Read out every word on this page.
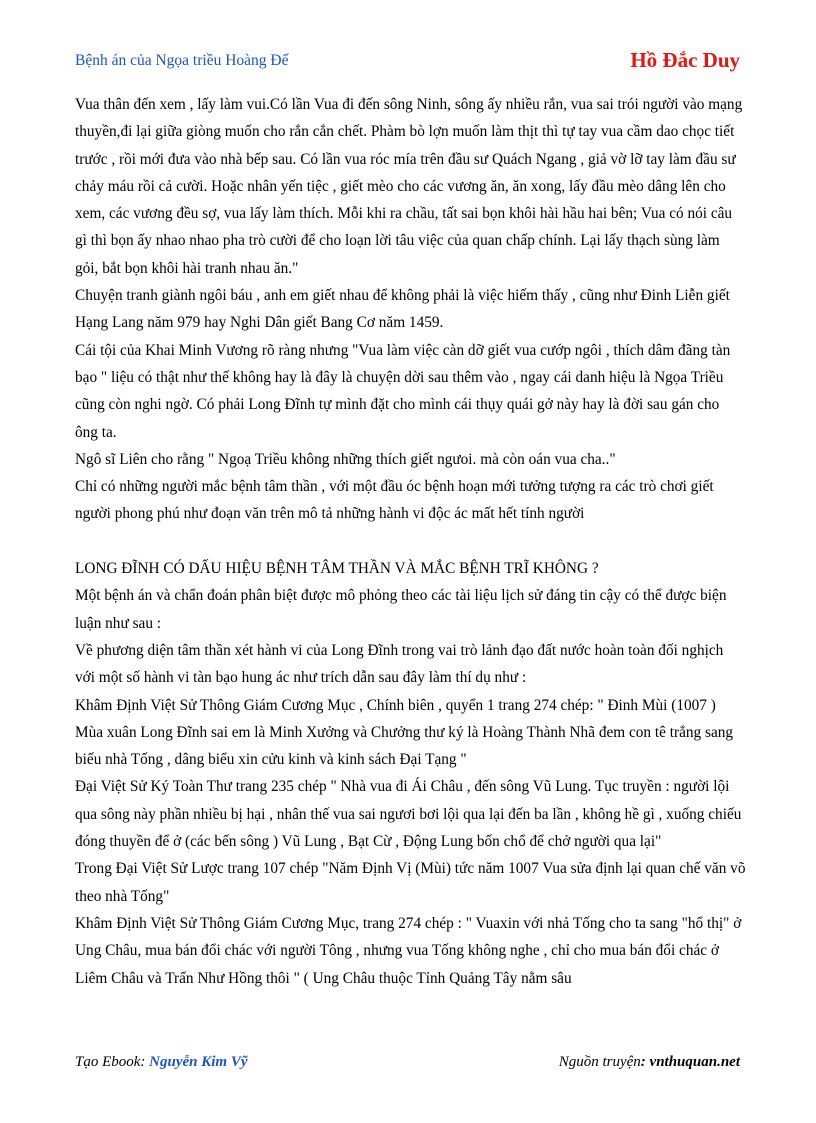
Bệnh án của Ngọa triều Hoàng Đế	Hồ Đắc Duy

Vua thân đến xem , lấy làm vui.Có lần Vua đi đến sông Ninh, sông ấy nhiều rắn, vua sai trói người vào mạng thuyền,đi lại giữa giòng muốn cho rắn cắn chết. Phàm bò lợn muốn làm thịt thì tự tay vua cầm dao chọc tiết trước , rồi mới đưa vào nhà bếp sau. Có lần vua róc mía trên đầu sư Quách Ngang , giả vờ lỡ tay làm đầu sư chảy máu rồi cả cười. Hoặc nhân yến tiệc , giết mèo cho các vương ăn, ăn xong, lấy đầu mèo dâng lên cho xem, các vương đều sợ, vua lấy làm thích. Mỗi khi ra chầu, tất sai bọn khôi hài hầu hai bên; Vua có nói câu gì thì bọn ấy nhao nhao pha trò cười để cho loạn lời tâu việc của quan chấp chính. Lại lấy thạch sùng làm gỏi, bắt bọn khôi hài tranh nhau ăn."

Chuyện tranh giành ngôi báu , anh em giết nhau để không phải là việc hiếm thấy , cũng như Đinh Liễn giết Hạng Lang năm 979 hay Nghi Dân giết Bang Cơ năm 1459.

Cái tội của Khai Minh Vương rõ ràng nhưng "Vua làm việc càn dỡ giết vua cướp ngôi , thích dâm đãng tàn bạo " liệu có thật như thế không hay là đây là chuyện dời sau thêm vào , ngay cái danh hiệu là Ngọa Triều cũng còn nghi ngờ. Có phải Long Đĩnh tự mình đặt cho mình cái thụy quái gở này hay là đời sau gán cho ông ta.

Ngô sĩ Liên cho rằng " Ngoạ Triều không những thích giết ngưoi. mà còn oán vua cha.."

Chỉ có những người mắc bệnh tâm thần , với một đầu óc bệnh hoạn mới tưởng tượng ra các trò chơi giết người phong phú như đoạn văn trên mô tả những hành vi độc ác mất hết tính người

LONG ĐĨNH CÓ DẤU HIỆU BỆNH TÂM THẦN VÀ MẮC BỆNH TRĨ KHÔNG ?

Một bệnh án và chẩn đoán phân biệt được mô phỏng theo các tài liệu lịch sử đáng tin cậy có thể được biện luận như sau :

Về phương diện tâm thần xét hành vi của Long Đĩnh trong vai trò lảnh đạo đất nước hoàn toàn đối nghịch với một số hành vi tàn bạo hung ác như trích dẫn sau đây làm thí dụ như :

Khâm Định Việt Sử Thông Giám Cương Mục , Chính biên , quyển 1 trang 274 chép: " Đinh Mùi (1007 ) Mùa xuân Long Đĩnh sai em là Minh Xưởng và Chưởng thư ký là Hoàng Thành Nhã đem con tê trắng sang biếu nhà Tống , dâng biểu xin cửu kinh và kinh sách Đại Tạng "

Đại Việt Sử Ký Toàn Thư trang 235 chép " Nhà vua đi Ái Châu , đến sông Vũ Lung. Tục truyền : người lội qua sông này phần nhiều bị hại , nhân thế vua sai ngươi bơi lội qua lại đến ba lần , không hề gì , xuống chiếu đóng thuyền để ở (các bến sông ) Vũ Lung , Bạt Cừ , Động Lung bốn chổ để chở người qua lại"

Trong Đại Việt Sử Lược trang 107 chép "Năm Định Vị (Mùi) tức năm 1007 Vua sửa định lại quan chế văn võ theo nhà Tống"

Khâm Định Việt Sử Thông Giám Cương Mục, trang 274 chép : " Vuaxin với nhả Tống cho ta sang "hổ thị" ở Ung Châu, mua bán đổi chác với người Tông , nhưng vua Tống không nghe , chỉ cho mua bán đổi chác ở Liêm Châu và Trấn Như Hồng thôi " ( Ung Châu thuộc Tỉnh Quảng Tây nằm sâu

Tạo Ebook: Nguyễn Kim Vỹ	Nguồn truyện: vnthuquan.net
